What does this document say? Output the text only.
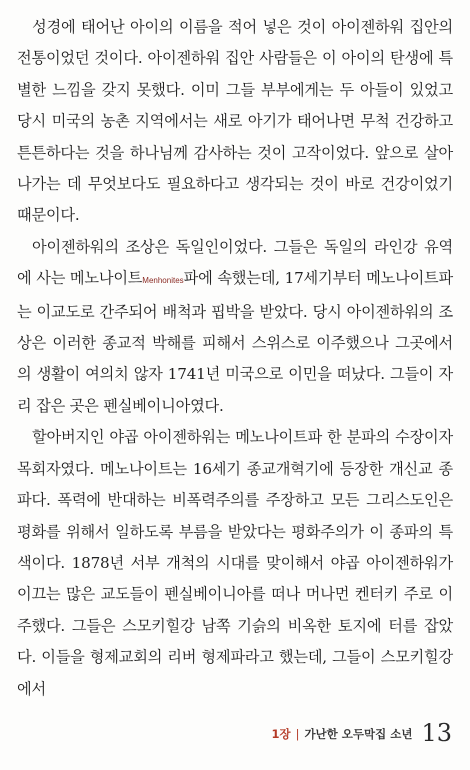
성경에 태어난 아이의 이름을 적어 넣은 것이 아이젠하워 집안의 전통이었던 것이다. 아이젠하워 집안 사람들은 이 아이의 탄생에 특별한 느낌을 갖지 못했다. 이미 그들 부부에게는 두 아들이 있었고 당시 미국의 농촌 지역에서는 새로 아기가 태어나면 무척 건강하고 튼튼하다는 것을 하나님께 감사하는 것이 고작이었다. 앞으로 살아나가는 데 무엇보다도 필요하다고 생각되는 것이 바로 건강이었기 때문이다.

아이젠하워의 조상은 독일인이었다. 그들은 독일의 라인강 유역에 사는 메노나이트Menhonites파에 속했는데, 17세기부터 메노나이트파는 이교도로 간주되어 배척과 핍박을 받았다. 당시 아이젠하워의 조상은 이러한 종교적 박해를 피해서 스위스로 이주했으나 그곳에서의 생활이 여의치 않자 1741년 미국으로 이민을 떠났다. 그들이 자리 잡은 곳은 펜실베이니아였다.

할아버지인 야곱 아이젠하워는 메노나이트파 한 분파의 수장이자 목회자였다. 메노나이트는 16세기 종교개혁기에 등장한 개신교 종파다. 폭력에 반대하는 비폭력주의를 주장하고 모든 그리스도인은 평화를 위해서 일하도록 부름을 받았다는 평화주의가 이 종파의 특색이다. 1878년 서부 개척의 시대를 맞이해서 야곱 아이젠하워가 이끄는 많은 교도들이 펜실베이니아를 떠나 머나먼 켄터키 주로 이주했다. 그들은 스모키힐강 남쪽 기슭의 비옥한 토지에 터를 잡았다. 이들을 형제교회의 리버 형제파라고 했는데, 그들이 스모키힐강에서

1장 | 가난한 오두막집 소년 13
